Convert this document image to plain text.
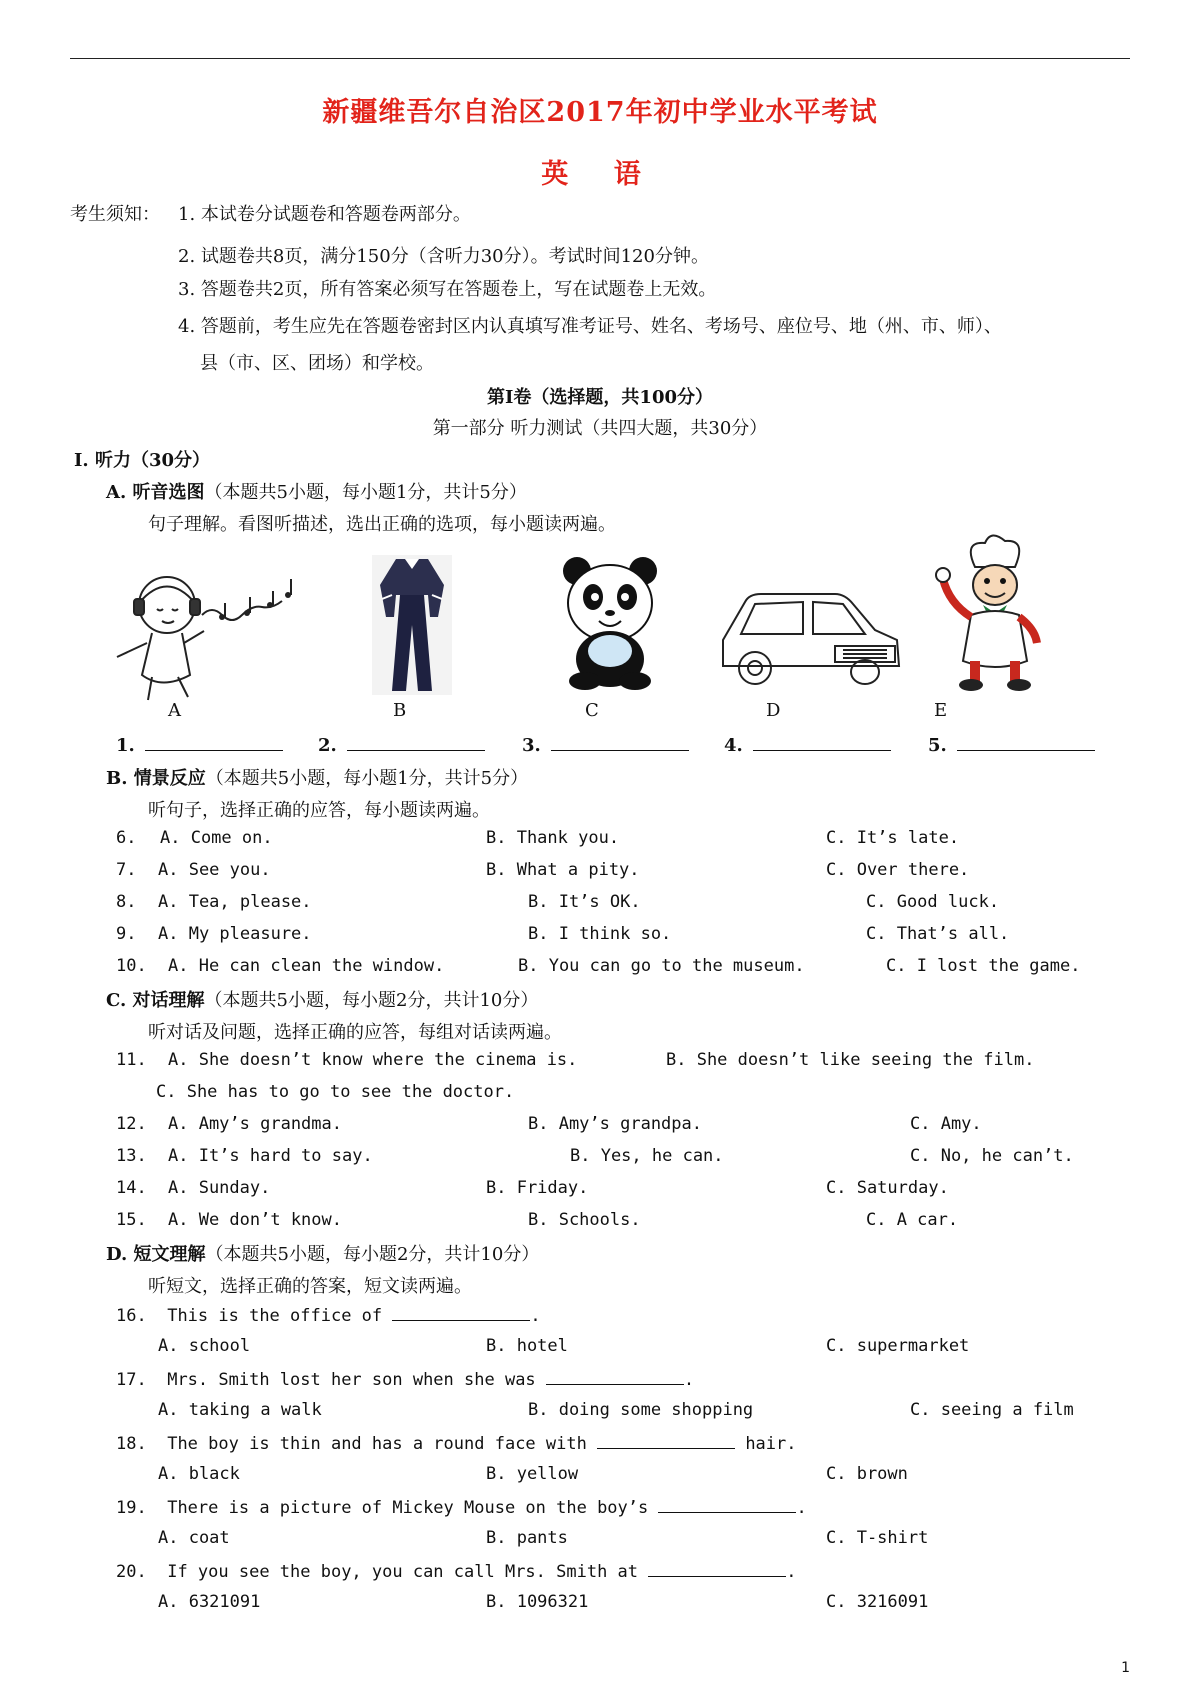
新疆维吾尔自治区2017年初中学业水平考试
英 语
考生须知： 1. 本试卷分试题卷和答题卷两部分。
2. 试题卷共8页，满分150分（含听力30分）。考试时间120分钟。
3. 答题卷共2页，所有答案必须写在答题卷上，写在试题卷上无效。
4. 答题前，考生应先在答题卷密封区内认真填写准考证号、姓名、考场号、座位号、地（州、市、师）、
县（市、区、团场）和学校。
第Ⅰ卷（选择题，共100分）
第一部分 听力测试（共四大题，共30分）
I. 听力（30分）
A. 听音选图（本题共5小题，每小题1分，共计5分）
句子理解。看图听描述，选出正确的选项，每小题读两遍。
A	B	C	D	E
1.	2.	3.	4.	5.
B. 情景反应（本题共5小题，每小题1分，共计5分）
听句子，选择正确的应答，每小题读两遍。
6. A. Come on.	B. Thank you.	C. It’s late.
7. A. See you.	B. What a pity.	C. Over there.
8. A. Tea, please.	B. It’s OK.	C. Good luck.
9. A. My pleasure.	B. I think so.	C. That’s all.
10. A. He can clean the window.	B. You can go to the museum.	C. I lost the game.
C. 对话理解（本题共5小题，每小题2分，共计10分）
听对话及问题，选择正确的应答，每组对话读两遍。
11. A. She doesn’t know where the cinema is.	B. She doesn’t like seeing the film.
C. She has to go to see the doctor.
12. A. Amy’s grandma.	B. Amy’s grandpa.	C. Amy.
13. A. It’s hard to say.	B. Yes, he can.	C. No, he can’t.
14. A. Sunday.	B. Friday.	C. Saturday.
15. A. We don’t know.	B. Schools.	C. A car.
D. 短文理解（本题共5小题，每小题2分，共计10分）
听短文，选择正确的答案，短文读两遍。
16. This is the office of	.
A. school	B. hotel	C. supermarket
17. Mrs. Smith lost her son when she was	.
A. taking a walk	B. doing some shopping	C. seeing a film
18. The boy is thin and has a round face with	hair.
A. black	B. yellow	C. brown
19. There is a picture of Mickey Mouse on the boy’s	.
A. coat	B. pants	C. T-shirt
20. If you see the boy, you can call Mrs. Smith at	.
A. 6321091	B. 1096321	C. 3216091
1
